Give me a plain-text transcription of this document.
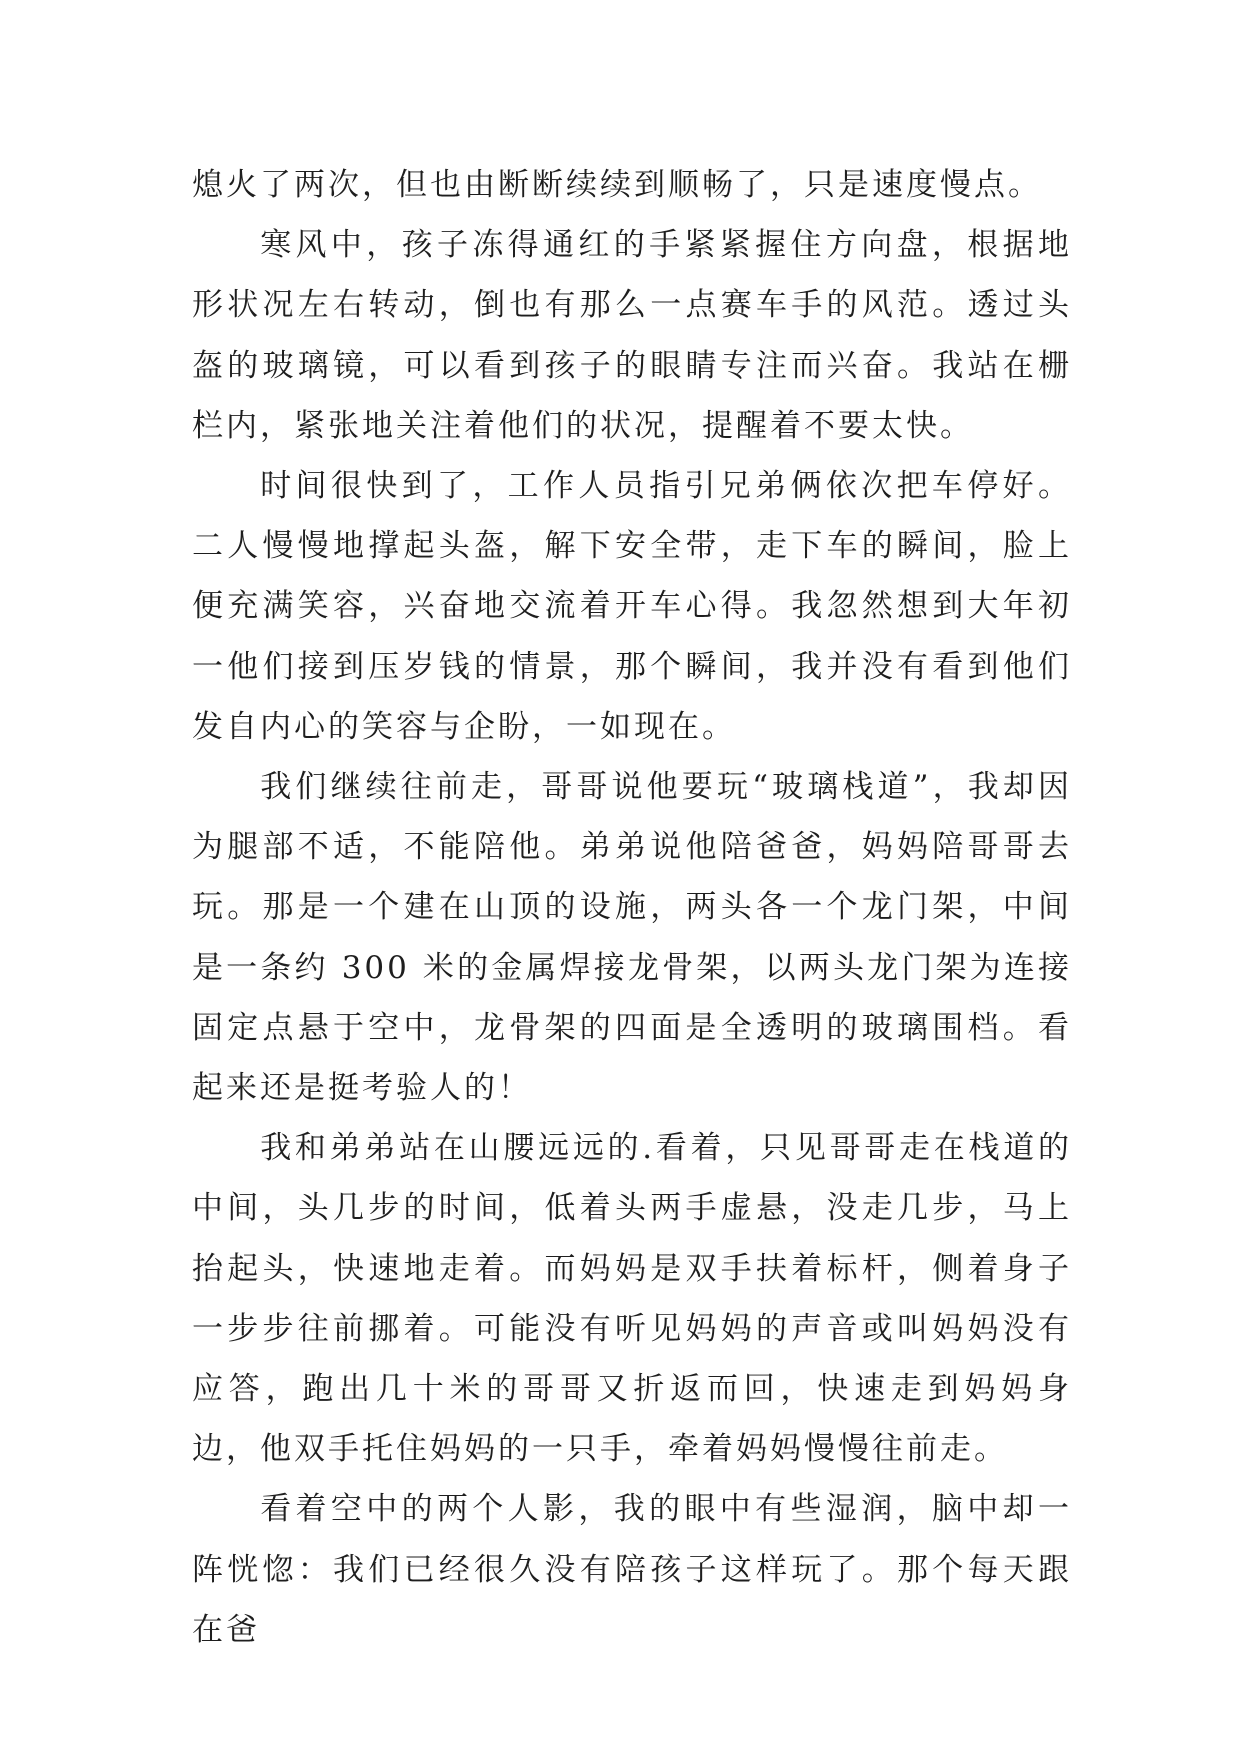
熄火了两次，但也由断断续续到顺畅了，只是速度慢点。

寒风中，孩子冻得通红的手紧紧握住方向盘，根据地形状况左右转动，倒也有那么一点赛车手的风范。透过头盔的玻璃镜，可以看到孩子的眼睛专注而兴奋。我站在栅栏内，紧张地关注着他们的状况，提醒着不要太快。

时间很快到了，工作人员指引兄弟俩依次把车停好。二人慢慢地撑起头盔，解下安全带，走下车的瞬间，脸上便充满笑容，兴奋地交流着开车心得。我忽然想到大年初一他们接到压岁钱的情景，那个瞬间，我并没有看到他们发自内心的笑容与企盼，一如现在。

我们继续往前走，哥哥说他要玩“玻璃栈道”，我却因为腿部不适，不能陪他。弟弟说他陪爸爸，妈妈陪哥哥去玩。那是一个建在山顶的设施，两头各一个龙门架，中间是一条约 300 米的金属焊接龙骨架，以两头龙门架为连接固定点悬于空中，龙骨架的四面是全透明的玻璃围档。看起来还是挺考验人的！

我和弟弟站在山腰远远的.看着，只见哥哥走在栈道的中间，头几步的时间，低着头两手虚悬，没走几步，马上抬起头，快速地走着。而妈妈是双手扶着标杆，侧着身子一步步往前挪着。可能没有听见妈妈的声音或叫妈妈没有应答，跑出几十米的哥哥又折返而回，快速走到妈妈身边，他双手托住妈妈的一只手，牵着妈妈慢慢往前走。

看着空中的两个人影，我的眼中有些湿润，脑中却一阵恍惚：我们已经很久没有陪孩子这样玩了。那个每天跟在爸
